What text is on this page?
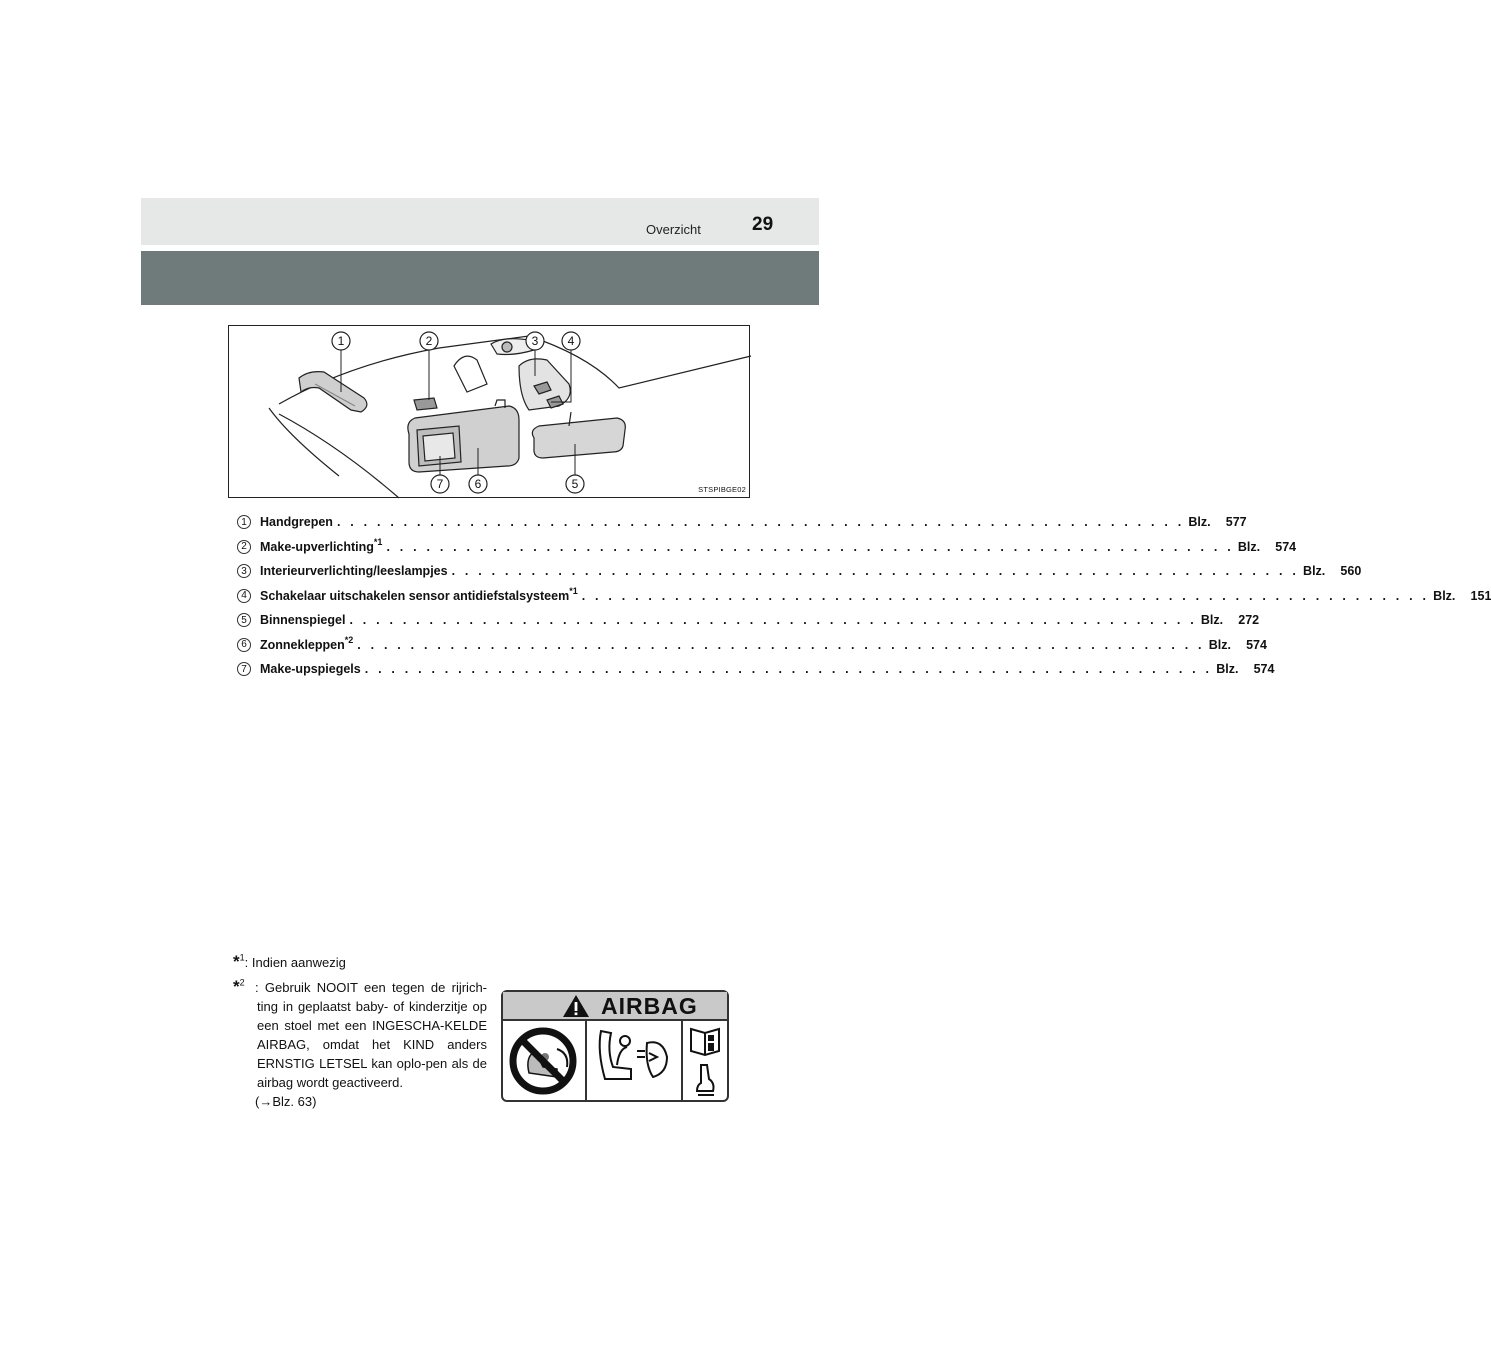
Overzicht	29
1	2	3 4
5
6
7	STSPIBGE02
1	Handgrepen . . . . . . . . . . . . . . . . . . . . . . . . . . . . . . . . . . . . . . . . . . . . . . . . . . . . . . . . . . . . . . . . Blz. 577
2	Make-upverlichting$^{*1}$ . . . . . . . . . . . . . . . . . . . . . . . . . . . . . . . . . . . . . . . . . . . . . . . . . . . . . . . . . . . . . . . . Blz. 574
3	Interieurverlichting/leeslampjes . . . . . . . . . . . . . . . . . . . . . . . . . . . . . . . . . . . . . . . . . . . . . . . . . . . . . . . . . . . . . . . . Blz. 560
4	Schakelaar uitschakelen sensor antidiefstalsysteem$^{*1}$ . . . . . . . . . . . . . . . . . . . . . . . . . . . . . . . . . . . . . . . . . . . . . . . . . . . . . . . . . . . . . . . . Blz. 151
5	Binnenspiegel . . . . . . . . . . . . . . . . . . . . . . . . . . . . . . . . . . . . . . . . . . . . . . . . . . . . . . . . . . . . . . . . Blz. 272
6	Zonnekleppen$^{*2}$ . . . . . . . . . . . . . . . . . . . . . . . . . . . . . . . . . . . . . . . . . . . . . . . . . . . . . . . . . . . . . . . . Blz. 574
7	Make-upspiegels . . . . . . . . . . . . . . . . . . . . . . . . . . . . . . . . . . . . . . . . . . . . . . . . . . . . . . . . . . . . . . . . Blz. 574
*$^1$: Indien aanwezig
*$^2$ : Gebruik NOOIT een tegen de rijrich-ting in geplaatst baby- of kinderzitje op een stoel met een INGESCHA-KELDE AIRBAG, omdat het KIND anders ERNSTIG LETSEL kan oplo-pen als de airbag wordt geactiveerd.
(→Blz. 63)
AIRBAG
